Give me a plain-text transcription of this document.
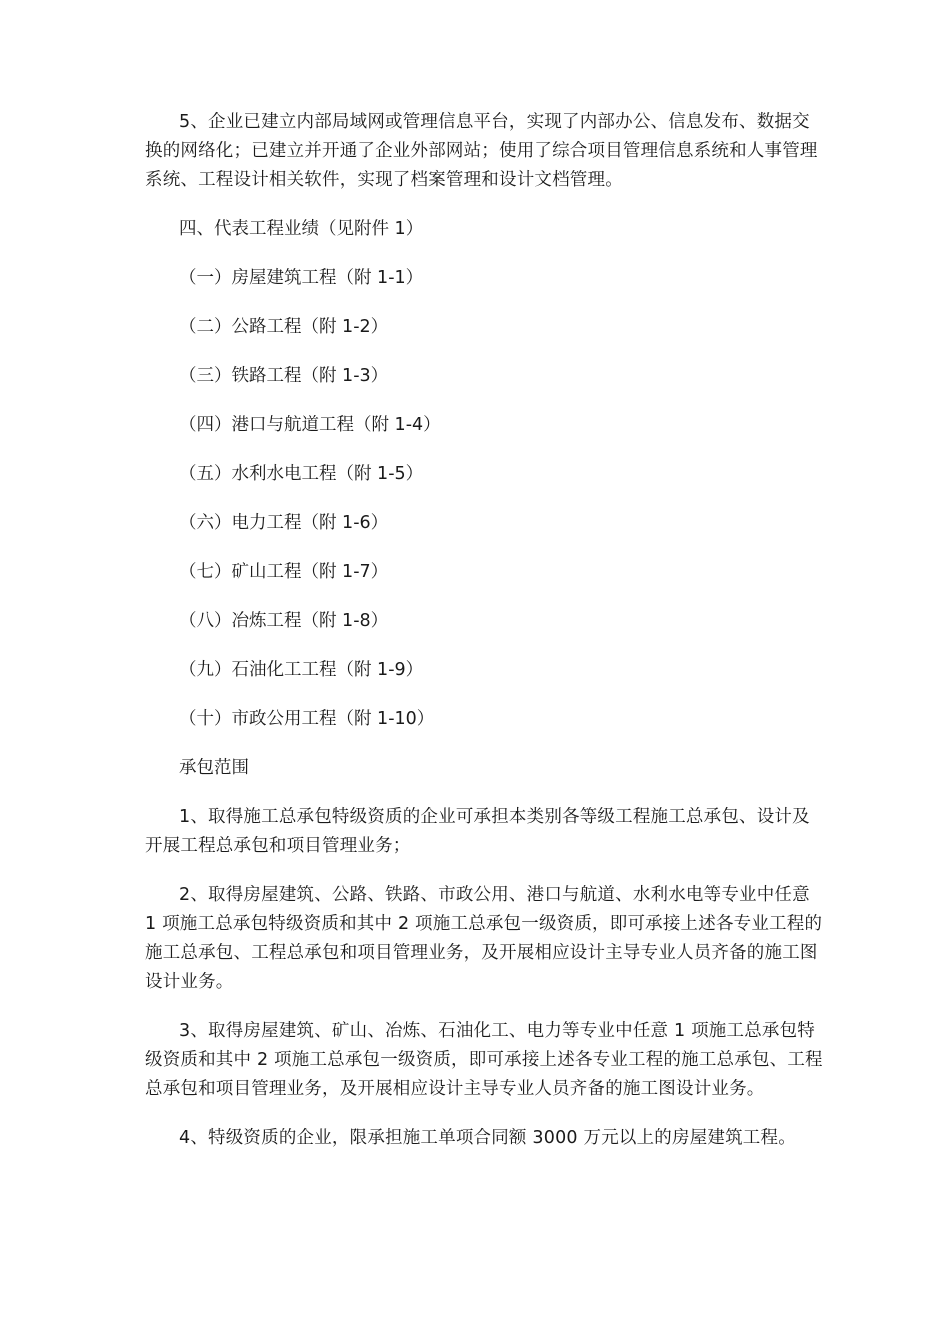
5、企业已建立内部局域网或管理信息平台，实现了内部办公、信息发布、数据交换的网络化；已建立并开通了企业外部网站；使用了综合项目管理信息系统和人事管理系统、工程设计相关软件，实现了档案管理和设计文档管理。

四、代表工程业绩（见附件 1）
（一）房屋建筑工程（附 1-1）
（二）公路工程（附 1-2）
（三）铁路工程（附 1-3）
（四）港口与航道工程（附 1-4）
（五）水利水电工程（附 1-5）
（六）电力工程（附 1-6）
（七）矿山工程（附 1-7）
（八）冶炼工程（附 1-8）
（九）石油化工工程（附 1-9）
（十）市政公用工程（附 1-10）
承包范围

1、取得施工总承包特级资质的企业可承担本类别各等级工程施工总承包、设计及开展工程总承包和项目管理业务；

2、取得房屋建筑、公路、铁路、市政公用、港口与航道、水利水电等专业中任意 1 项施工总承包特级资质和其中 2 项施工总承包一级资质，即可承接上述各专业工程的施工总承包、工程总承包和项目管理业务，及开展相应设计主导专业人员齐备的施工图设计业务。

3、取得房屋建筑、矿山、冶炼、石油化工、电力等专业中任意 1 项施工总承包特级资质和其中 2 项施工总承包一级资质，即可承接上述各专业工程的施工总承包、工程总承包和项目管理业务，及开展相应设计主导专业人员齐备的施工图设计业务。

4、特级资质的企业，限承担施工单项合同额 3000 万元以上的房屋建筑工程。
